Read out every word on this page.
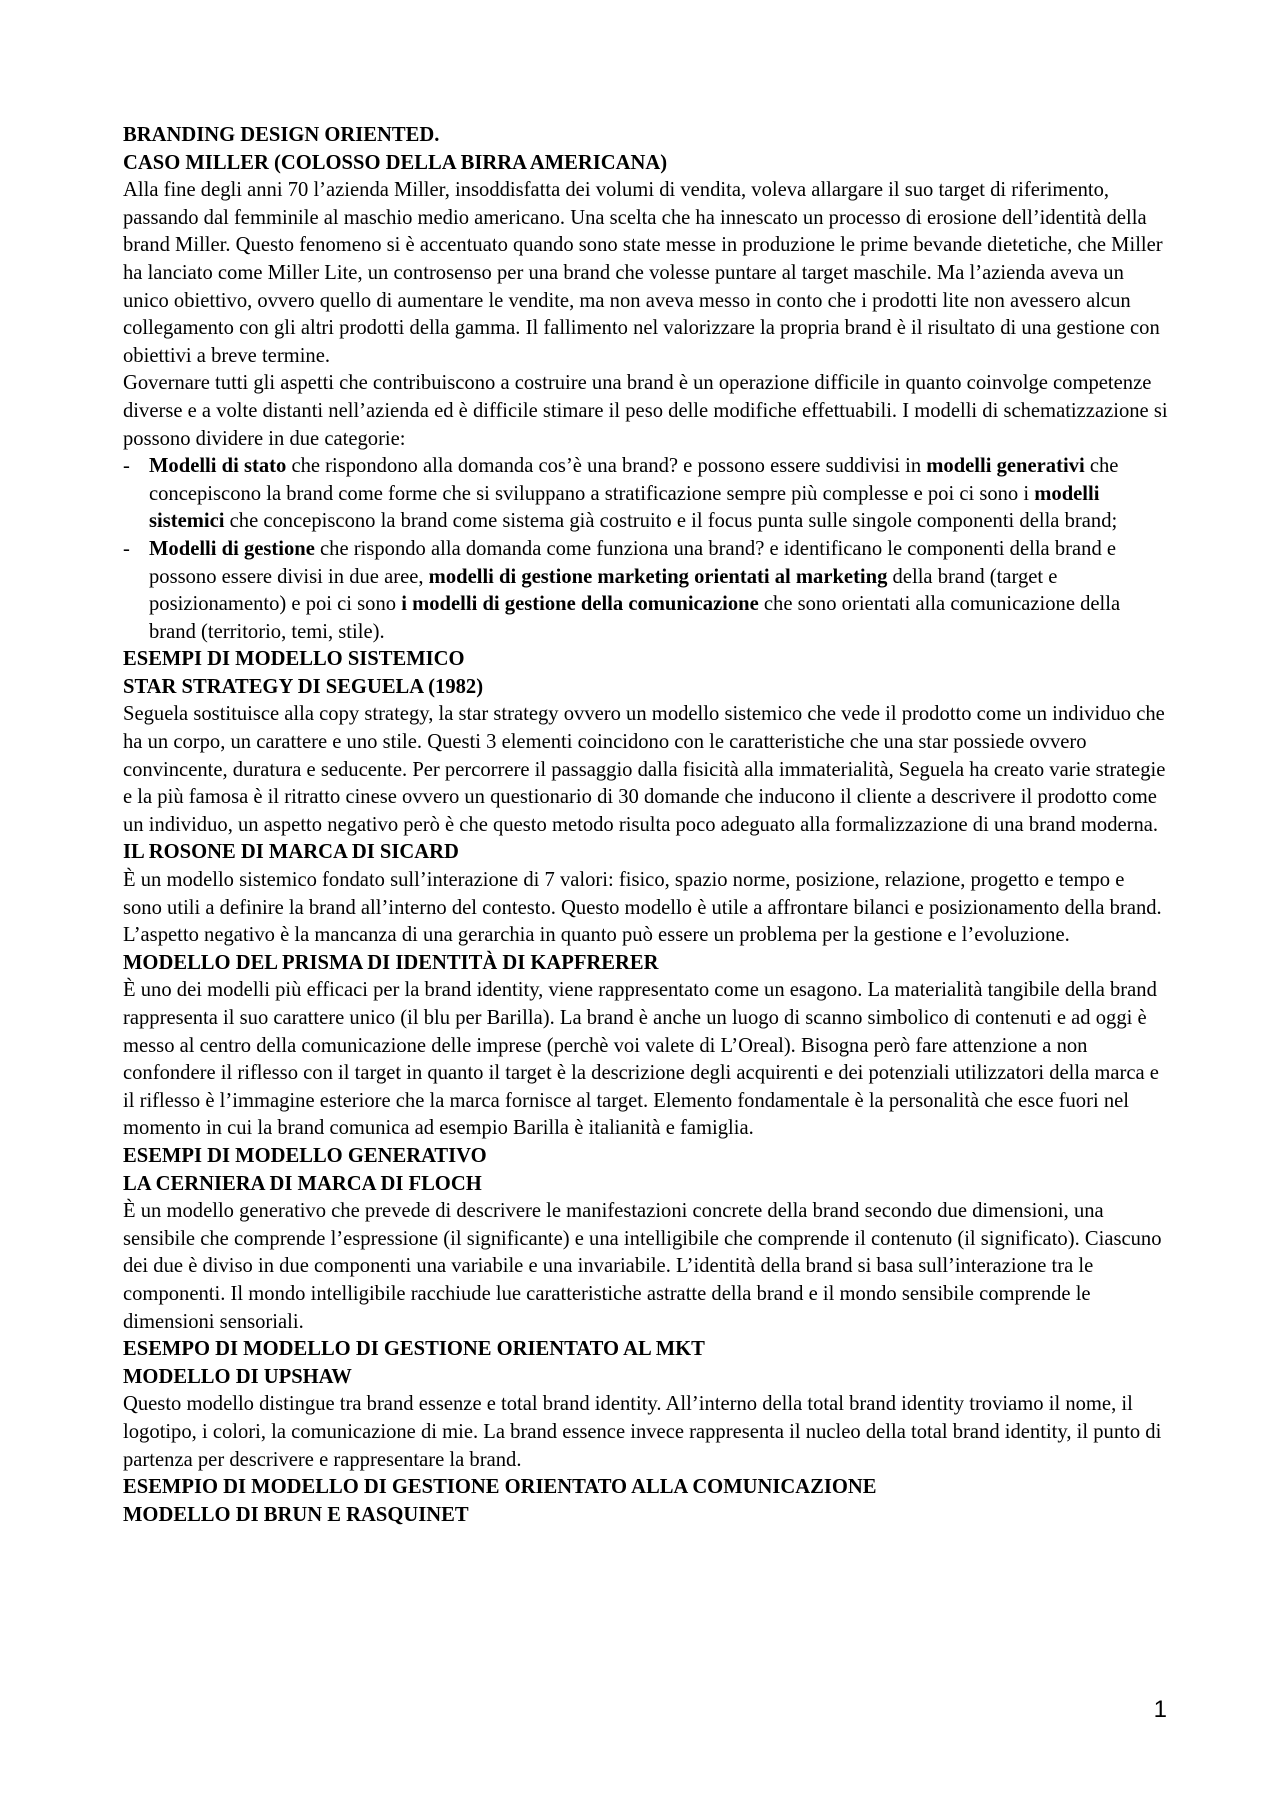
BRANDING DESIGN ORIENTED.
CASO MILLER (COLOSSO DELLA BIRRA AMERICANA)

Alla fine degli anni 70 l’azienda Miller, insoddisfatta dei volumi di vendita, voleva allargare il suo target di riferimento, passando dal femminile al maschio medio americano. Una scelta che ha innescato un processo di erosione dell’identità della brand Miller. Questo fenomeno si è accentuato quando sono state messe in produzione le prime bevande dietetiche, che Miller ha lanciato come Miller Lite, un controsenso per una brand che volesse puntare al target maschile. Ma l’azienda aveva un unico obiettivo, ovvero quello di aumentare le vendite, ma non aveva messo in conto che i prodotti lite non avessero alcun collegamento con gli altri prodotti della gamma. Il fallimento nel valorizzare la propria brand è il risultato di una gestione con obiettivi a breve termine.

Governare tutti gli aspetti che contribuiscono a costruire una brand è un operazione difficile in quanto coinvolge competenze diverse e a volte distanti nell’azienda ed è difficile stimare il peso delle modifiche effettuabili. I modelli di schematizzazione si possono dividere in due categorie:

- Modelli di stato che rispondono alla domanda cos’è una brand? e possono essere suddivisi in modelli generativi che concepiscono la brand come forme che si sviluppano a stratificazione sempre più complesse e poi ci sono i modelli sistemici che concepiscono la brand come sistema già costruito e il focus punta sulle singole componenti della brand;
- Modelli di gestione che rispondo alla domanda come funziona una brand? e identificano le componenti della brand e possono essere divisi in due aree, modelli di gestione marketing orientati al marketing della brand (target e posizionamento) e poi ci sono i modelli di gestione della comunicazione che sono orientati alla comunicazione della brand (territorio, temi, stile).
ESEMPI DI MODELLO SISTEMICO
STAR STRATEGY DI SEGUELA (1982)

Seguela sostituisce alla copy strategy, la star strategy ovvero un modello sistemico che vede il prodotto come un individuo che ha un corpo, un carattere e uno stile. Questi 3 elementi coincidono con le caratteristiche che una star possiede ovvero convincente, duratura e seducente. Per percorrere il passaggio dalla fisicità alla immaterialità, Seguela ha creato varie strategie e la più famosa è il ritratto cinese ovvero un questionario di 30 domande che inducono il cliente a descrivere il prodotto come un individuo, un aspetto negativo però è che questo metodo risulta poco adeguato alla formalizzazione di una brand moderna.

IL ROSONE DI MARCA DI SICARD

È un modello sistemico fondato sull’interazione di 7 valori: fisico, spazio norme, posizione, relazione, progetto e tempo e sono utili a definire la brand all’interno del contesto. Questo modello è utile a affrontare bilanci e posizionamento della brand. L’aspetto negativo è la mancanza di una gerarchia in quanto può essere un problema per la gestione e l’evoluzione.

MODELLO DEL PRISMA DI IDENTITÀ DI KAPFRERER

È uno dei modelli più efficaci per la brand identity, viene rappresentato come un esagono. La materialità tangibile della brand rappresenta il suo carattere unico (il blu per Barilla). La brand è anche un luogo di scanno simbolico di contenuti e ad oggi è messo al centro della comunicazione delle imprese (perchè voi valete di L’Oreal). Bisogna però fare attenzione a non confondere il riflesso con il target in quanto il target è la descrizione degli acquirenti e dei potenziali utilizzatori della marca e il riflesso è l’immagine esteriore che la marca fornisce al target. Elemento fondamentale è la personalità che esce fuori nel momento in cui la brand comunica ad esempio Barilla è italianità e famiglia.

ESEMPI DI MODELLO GENERATIVO
LA CERNIERA DI MARCA DI FLOCH

È un modello generativo che prevede di descrivere le manifestazioni concrete della brand secondo due dimensioni, una sensibile che comprende l’espressione (il significante) e una intelligibile che comprende il contenuto (il significato). Ciascuno dei due è diviso in due componenti una variabile e una invariabile. L’identità della brand si basa sull’interazione tra le componenti. Il mondo intelligibile racchiude lue caratteristiche astratte della brand e il mondo sensibile comprende le dimensioni sensoriali.

ESEMPO DI MODELLO DI GESTIONE ORIENTATO AL MKT
MODELLO DI UPSHAW

Questo modello distingue tra brand essenze e total brand identity. All’interno della total brand identity troviamo il nome, il logotipo, i colori, la comunicazione di mie. La brand essence invece rappresenta il nucleo della total brand identity, il punto di partenza per descrivere e rappresentare la brand.

ESEMPIO DI MODELLO DI GESTIONE ORIENTATO ALLA COMUNICAZIONE
MODELLO DI BRUN E RASQUINET
1
